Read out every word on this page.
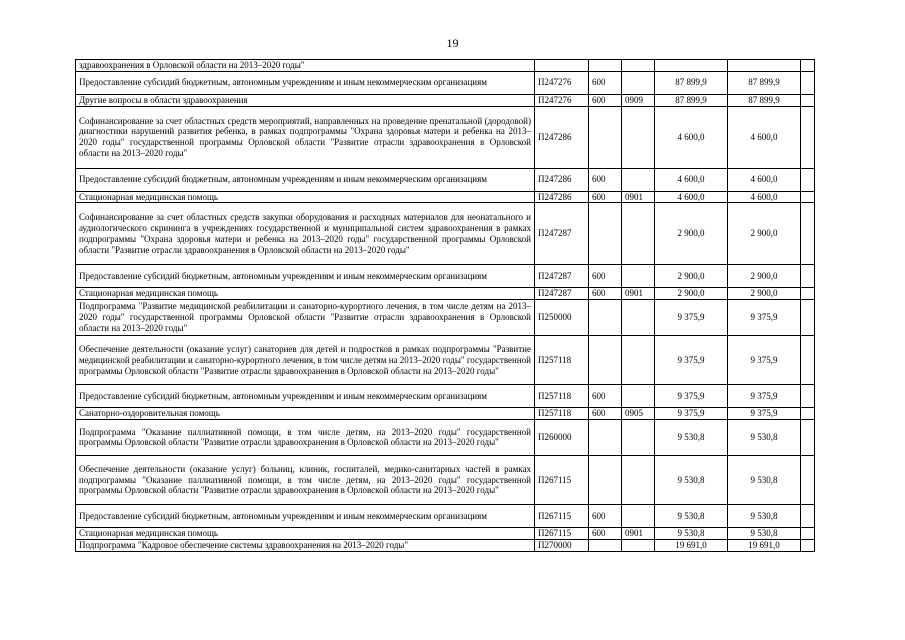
19
здравоохранения в Орловской области на 2013–2020 годы"						
Предоставление субсидий бюджетным, автономным учреждениям и иным некоммерческим организациям	П247276	600		87 899,9	87 899,9	
Другие вопросы в области здравоохранения	П247276	600	0909	87 899,9	87 899,9	
Софинансирование за счет областных средств мероприятий, направленных на проведение пренатальной (дородовой) диагностики нарушений развития ребенка, в рамках подпрограммы "Охрана здоровья матери и ребенка на 2013–2020 годы" государственной программы Орловской области "Развитие отрасли здравоохранения в Орловской области на 2013–2020 годы"	П247286			4 600,0	4 600,0	
Предоставление субсидий бюджетным, автономным учреждениям и иным некоммерческим организациям	П247286	600		4 600,0	4 600,0	
Стационарная медицинская помощь	П247286	600	0901	4 600,0	4 600,0	
Софинансирование за счет областных средств закупки оборудования и расходных материалов для неонатального и аудиологического скрининга в учреждениях государственной и муниципальной систем здравоохранения в рамках подпрограммы "Охрана здоровья матери и ребенка на 2013–2020 годы" государственной программы Орловской области "Развитие отрасли здравоохранения в Орловской области на 2013–2020 годы"	П247287			2 900,0	2 900,0	
Предоставление субсидий бюджетным, автономным учреждениям и иным некоммерческим организациям	П247287	600		2 900,0	2 900,0	
Стационарная медицинская помощь	П247287	600	0901	2 900,0	2 900,0	
Подпрограмма "Развитие медицинской реабилитации и санаторно-курортного лечения, в том числе детям на 2013–2020 годы" государственной программы Орловской области "Развитие отрасли здравоохранения в Орловской области на 2013–2020 годы"	П250000			9 375,9	9 375,9	
Обеспечение деятельности (оказание услуг) санаториев для детей и подростков в рамках подпрограммы "Развитие медицинской реабилитации и санаторно-курортного лечения, в том числе детям на 2013–2020 годы" государственной программы Орловской области "Развитие отрасли здравоохранения в Орловской области на 2013–2020 годы"	П257118			9 375,9	9 375,9	
Предоставление субсидий бюджетным, автономным учреждениям и иным некоммерческим организациям	П257118	600		9 375,9	9 375,9	
Санаторно-оздоровительная помощь	П257118	600	0905	9 375,9	9 375,9	
Подпрограмма "Оказание паллиативной помощи, в том числе детям, на 2013–2020 годы" государственной программы Орловской области "Развитие отрасли здравоохранения в Орловской области на 2013–2020 годы"	П260000			9 530,8	9 530,8	
Обеспечение деятельности (оказание услуг) больниц, клиник, госпиталей, медико-санитарных частей в рамках подпрограммы "Оказание паллиативной помощи, в том числе детям, на 2013–2020 годы" государственной программы Орловской области "Развитие отрасли здравоохранения в Орловской области на 2013–2020 годы"	П267115			9 530,8	9 530,8	
Предоставление субсидий бюджетным, автономным учреждениям и иным некоммерческим организациям	П267115	600		9 530,8	9 530,8	
Стационарная медицинская помощь	П267115	600	0901	9 530,8	9 530,8	
Подпрограмма "Кадровое обеспечение системы здравоохранения на 2013–2020 годы"	П270000			19 691,0	19 691,0	
